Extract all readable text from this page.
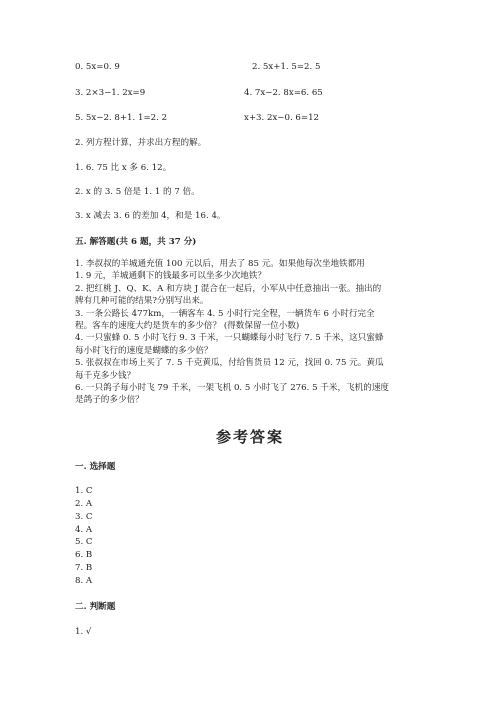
0. 5x=0. 9	2. 5x+1. 5=2. 5
3. 2×3−1. 2x=9	4. 7x−2. 8x=6. 65
5. 5x−2. 8+1. 1=2. 2	x+3. 2x−0. 6=12
2. 列方程计算，并求出方程的解。
1. 6. 75 比 x 多 6. 12。
2. x 的 3. 5 倍是 1. 1 的 7 倍。
3. x 减去 3. 6 的差加 4，和是 16. 4。
五. 解答题(共 6 题，共 37 分)
1. 李叔叔的羊城通充值 100 元以后，用去了 85 元。如果他每次坐地铁都用
1. 9 元，羊城通剩下的钱最多可以坐多少次地铁？
2. 把红桃 J、Q、K、A 和方块 J 混合在一起后，小军从中任意抽出一张。抽出的
牌有几种可能的结果?分别写出来。
3. 一条公路长 477km，一辆客车 4. 5 小时行完全程，一辆货车 6 小时行完全
程。客车的速度大约是货车的多少倍？ (得数保留一位小数)
4. 一只蜜蜂 0. 5 小时飞行 9. 3 千米，一只蝴蝶每小时飞行 7. 5 千米，这只蜜蜂
每小时飞行的速度是蝴蝶的多少倍？
5. 张叔叔在市场上买了 7. 5 千克黄瓜，付给售货员 12 元，找回 0. 75 元。黄瓜
每千克多少钱？
6. 一只鸽子每小时飞 79 千米，一架飞机 0. 5 小时飞了 276. 5 千米，飞机的速度
是鸽子的多少倍？
参考答案
一. 选择题
1. C
2. A
3. C
4. A
5. C
6. B
7. B
8. A
二. 判断题
1. √
